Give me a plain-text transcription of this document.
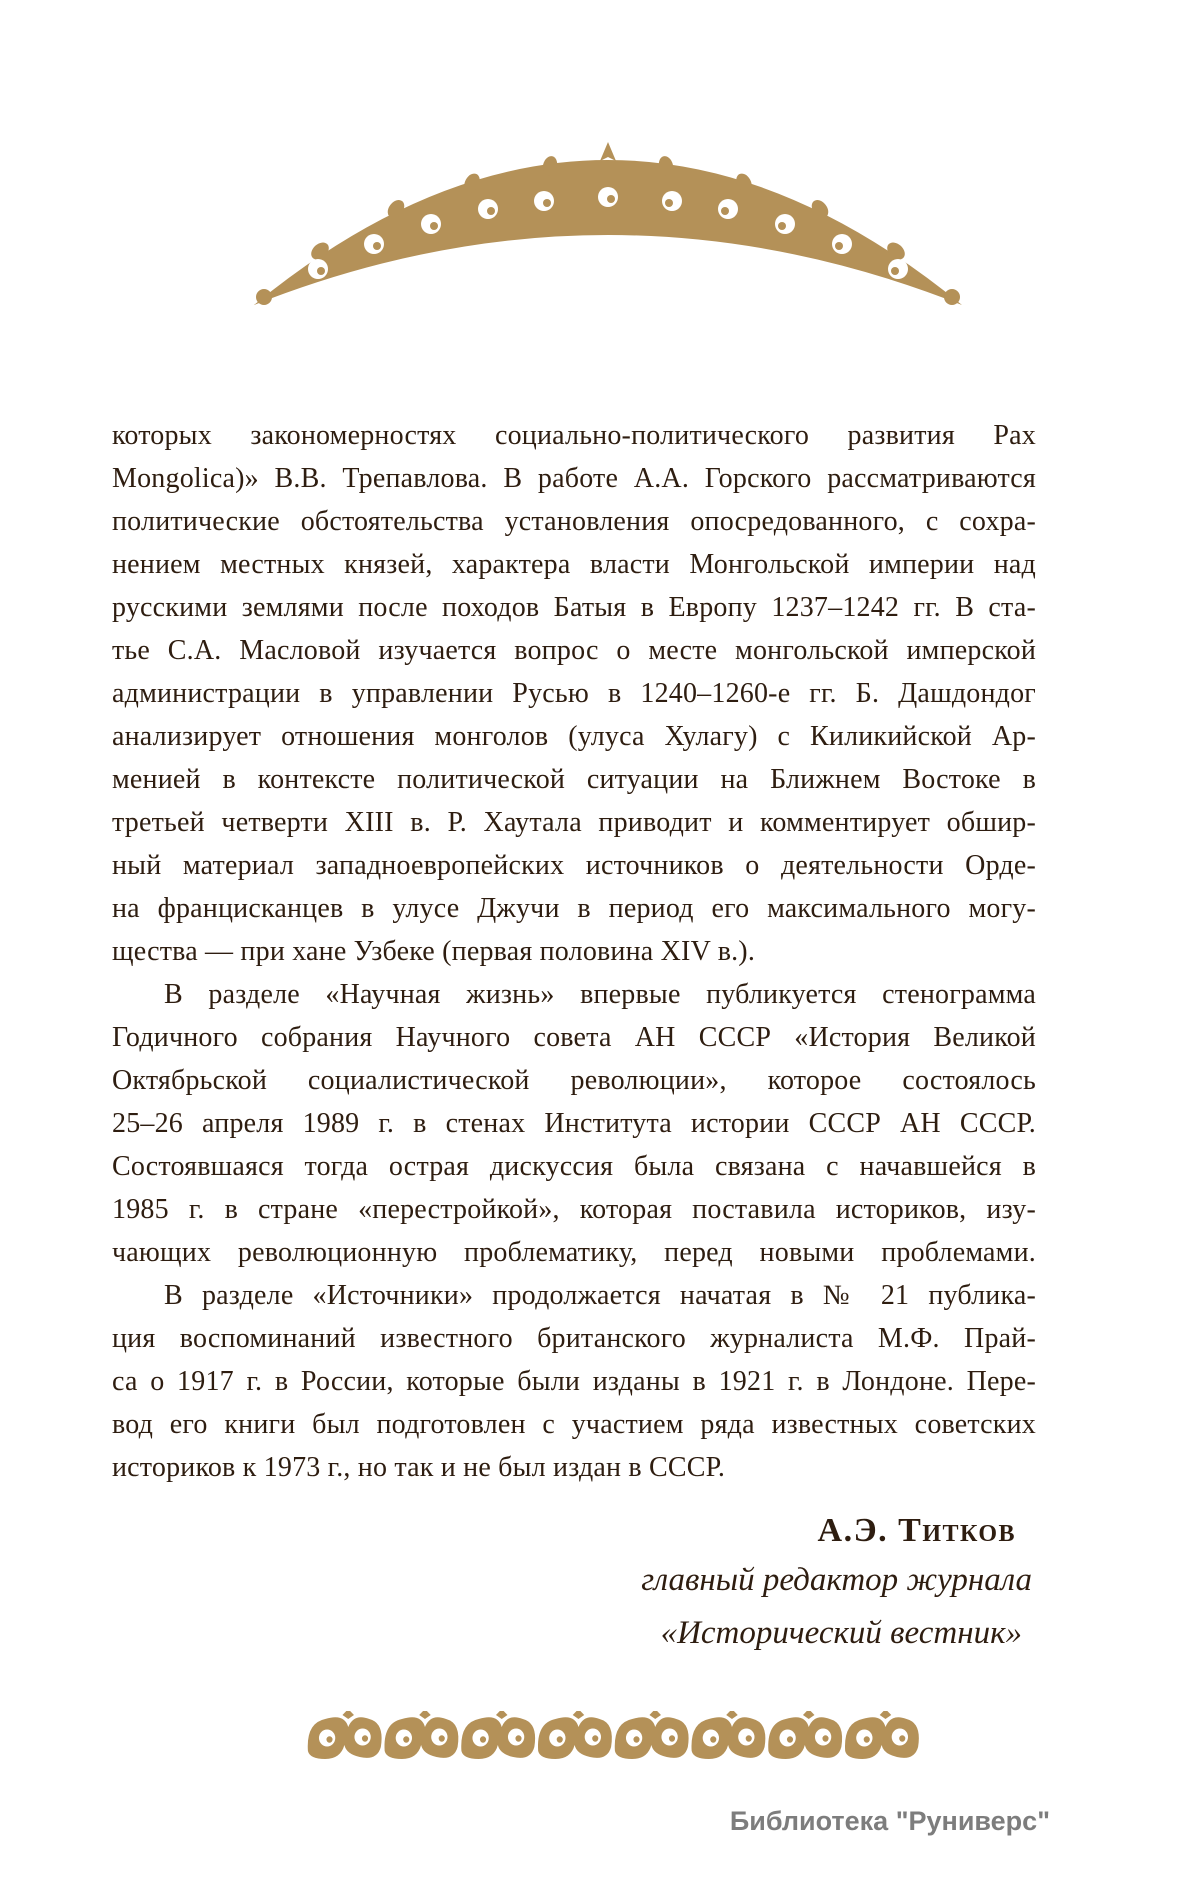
которых закономерностях социально-политического развития Pax
Mongolica)» В.В. Трепавлова. В работе А.А. Горского рассматриваются
политические обстоятельства установления опосредованного, с сохра-
нением местных князей, характера власти Монгольской империи над
русскими землями после походов Батыя в Европу 1237–1242 гг. В ста-
тье С.А. Масловой изучается вопрос о месте монгольской имперской
администрации в управлении Русью в 1240–1260-е гг. Б. Дашдондог
анализирует отношения монголов (улуса Хулагу) с Киликийской Ар-
менией в контексте политической ситуации на Ближнем Востоке в
третьей четверти XIII в. Р. Хаутала приводит и комментирует обшир-
ный материал западноевропейских источников о деятельности Орде-
на францисканцев в улусе Джучи в период его максимального могу-
щества — при хане Узбеке (первая половина XIV в.).
В разделе «Научная жизнь» впервые публикуется стенограмма
Годичного собрания Научного совета АН СССР «История Великой
Октябрьской социалистической революции», которое состоялось
25–26 апреля 1989 г. в стенах Института истории СССР АН СССР.
Состоявшаяся тогда острая дискуссия была связана с начавшейся в
1985 г. в стране «перестройкой», которая поставила историков, изу-
чающих революционную проблематику, перед новыми проблемами.
В разделе «Источники» продолжается начатая в № 21 публика-
ция воспоминаний известного британского журналиста М.Ф. Прай-
са о 1917 г. в России, которые были изданы в 1921 г. в Лондоне. Пере-
вод его книги был подготовлен с участием ряда известных советских
историков к 1973 г., но так и не был издан в СССР.
А.Э. Титков
главный редактор журнала
«Исторический вестник»
Библиотека "Руниверс"
